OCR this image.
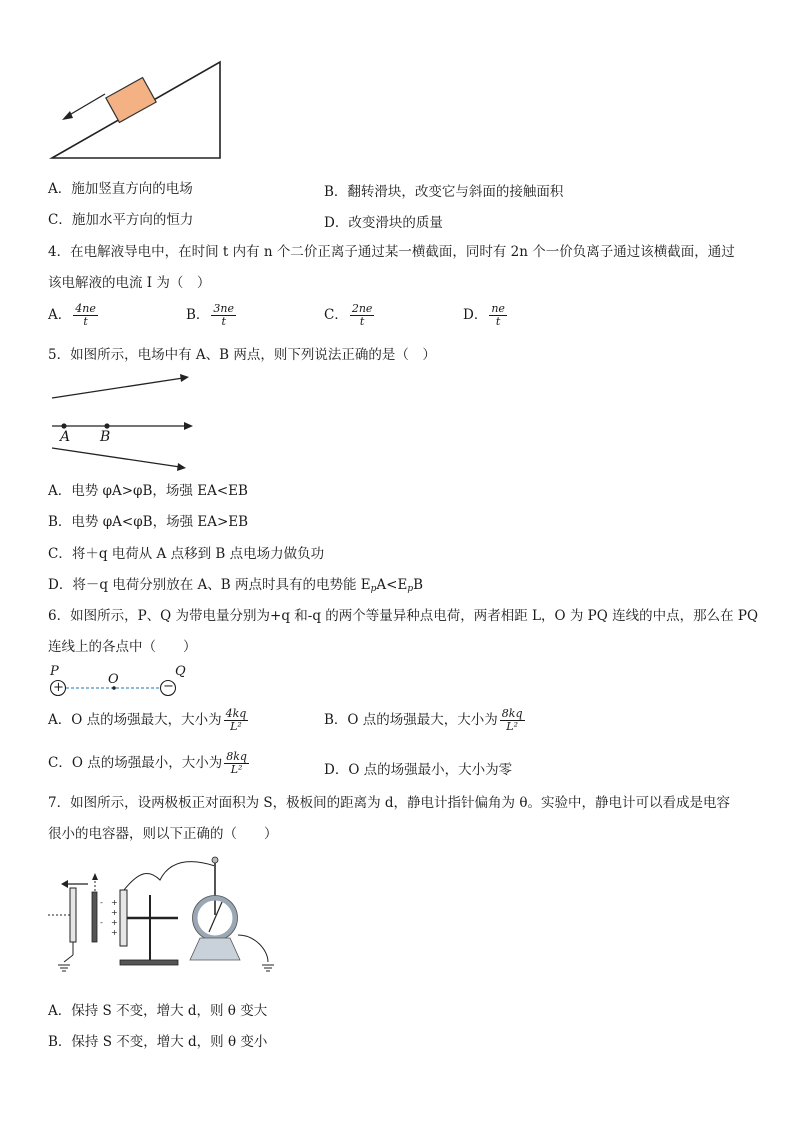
A．施加竖直方向的电场	B．翻转滑块，改变它与斜面的接触面积
C．施加水平方向的恒力	D．改变滑块的质量
4．在电解液导电中，在时间 t 内有 n 个二价正离子通过某一横截面，同时有 2n 个一价负离子通过该横截面，通过
该电解液的电流 I 为（　）
A． $\frac{4ne}{t}$	B． $\frac{3ne}{t}$	C． $\frac{2ne}{t}$	D． $\frac{ne}{t}$
5．如图所示，电场中有 A、B 两点，则下列说法正确的是（　）
A B
A．电势 φA>φB，场强 EA<EB
B．电势 φA<φB，场强 EA>EB
C．将＋q 电荷从 A 点移到 B 点电场力做负功
D．将－q 电荷分别放在 A、B 两点时具有的电势能 $E_pA<E_pB$
6．如图所示，P、Q 为带电量分别为+q 和-q 的两个等量异种点电荷，两者相距 L，O 为 PQ 连线的中点，那么在 PQ
连线上的各点中（　　）
+	−
P
O
Q
A．O 点的场强最大，大小为 $\frac{4kq}{\text{L²}}$	B．O 点的场强最大，大小为 $\frac{8kq}{\text{L²}}$
C．O 点的场强最小，大小为 $\frac{8kq}{\text{L²}}$	D．O 点的场强最小，大小为零
7．如图所示，设两极板正对面积为 S，极板间的距离为 d，静电计指针偏角为 θ。实验中，静电计可以看成是电容
很小的电容器，则以下正确的（　　）
+
+
+
+
-
-
A．保持 S 不变，增大 d，则 θ 变大
B．保持 S 不变，增大 d，则 θ 变小
